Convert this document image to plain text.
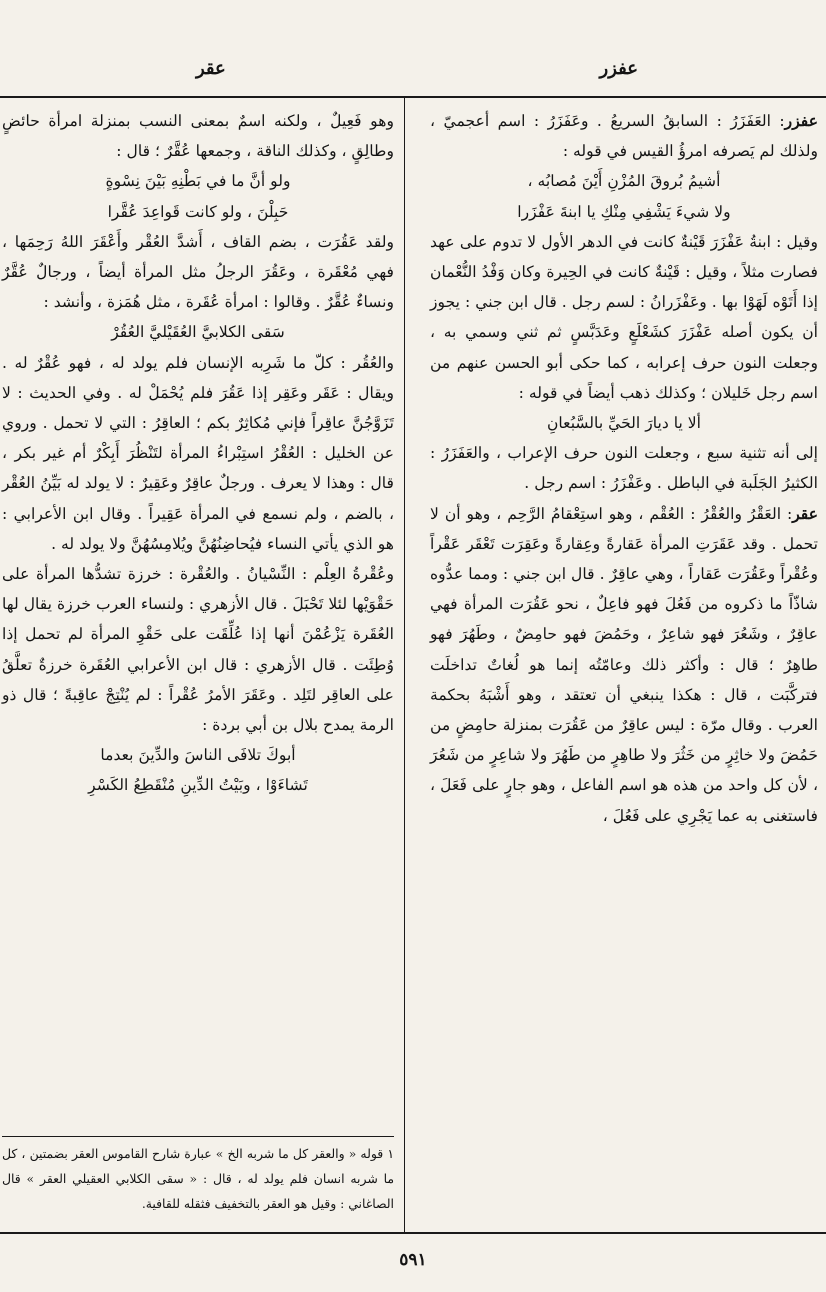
عفزر
عقر

عفزر: العَفَزَرُ : السابقُ السريعُ . وعَفَزَرُ : اسم أعجميّ ، ولذلك لم يَصرفه امرؤُ القيس في قوله :

أشيمُ بُروقَ المُزْنِ أَيْنَ مُصابُه ،

ولا شيءَ يَشْفِي مِنْكِ يا ابنةَ عَفْزَرا

وقيل : ابنةُ عَفْزَرَ قَيْنةٌ كانت في الدهر الأول لا تدوم على عهد فصارت مثلاً ، وقيل : قَيْنةٌ كانت في الحِيرة وكان وَفْدُ النُّعْمان إذا أَتَوْه لَهَوْا بها . وعَفْزَرانُ : لسم رجل . قال ابن جني : يجوز أن يكون أصله عَفْزَرَ كشَعْلَعٍ وعَدَبَّسٍ ثم ثني وسمي به ، وجعلت النون حرف إعرابه ، كما حكى أبو الحسن عنهم من اسم رجل خَليلان ؛ وكذلك ذهب أيضاً في قوله :

ألا يا ديارَ الحَيِّ بالسَّبُعانِ

إلى أنه تثنية سبع ، وجعلت النون حرف الإعراب ، والعَفَزَرُ : الكثيرُ الجَلَبة في الباطل . وعَفْزَرُ : اسم رجل .

عقر: العَقْرُ والعُقْرُ : العُقْم ، وهو استِعْقامُ الرَّحِم ، وهو أن لا تحمل . وقد عَقَرَتِ المرأة عَقارةً وعِقارةً وعَقِرَت تَعْقَر عَقْراً وعُقْراً وعَقُرَت عَقاراً ، وهي عاقِرٌ . قال ابن جني : ومما عدُّوه شاذّاً ما ذكروه من فَعُلَ فهو فاعِلٌ ، نحو عَقُرَت المرأة فهي عاقِرٌ ، وشَعُرَ فهو شاعِرٌ ، وحَمُضَ فهو حامِضٌ ، وطَهُرَ فهو طاهِرٌ ؛ قال : وأكثر ذلك وعامّتُه إنما هو لُغاتٌ تداخلَت فتركَّبَت ، قال : هكذا ينبغي أن تعتقد ، وهو أَشْبَهُ بحكمة العرب . وقال مرّة : ليس عاقِرٌ من عَقُرَت بمنزلة حامِضٍ من حَمُضَ ولا خاثِرٍ من خَثُرَ ولا طاهِرٍ من طَهُرَ ولا شاعِرٍ من شَعُرَ ، لأن كل واحد من هذه هو اسم الفاعل ، وهو جارٍ على فَعَلَ ، فاستغنى به عما يَجْرِي على فَعُلَ ،

وهو فَعِيلٌ ، ولكنه اسمٌ بمعنى النسب بمنزلة امرأة حائضٍ وطالِقٍ ، وكذلك الناقة ، وجمعها عُقَّرٌ ؛ قال :

ولو أنَّ ما في بَطْنِهِ بَيْنَ نِسْوةٍ

حَبِلْنَ ، ولو كانت قَواعِدَ عُقَّرا

ولقد عَقُرَت ، بضم القاف ، أَشدَّ العُقْر وأَعْقَرَ اللهُ رَحِمَها ، فهي مُعْقَرة ، وعَقُرَ الرجلُ مثل المرأة أيضاً ، ورجالٌ عُقَّرٌ ونساءٌ عُقَّرٌ . وقالوا : امرأة عُقَرة ، مثل هُمَزة ، وأنشد :

سَقى الكلابيَّ العُقَيْليَّ العُقُرْ

والعُقُر : كلّ ما شَرِبه الإنسان فلم يولد له ، فهو عُقْرٌ له . ويقال : عَقَر وعَقِر إذا عَقُرَ فلم يُحْمَلْ له . وفي الحديث : لا تَزَوَّجُنَّ عاقِراً فإني مُكاثِرٌ بكم ؛ العاقِرُ : التي لا تحمل . وروي عن الخليل : العُقْرُ استِبْراءُ المرأة لتَنْظُرَ أَبِكْرٌ أم غير بكر ، قال : وهذا لا يعرف . ورجلٌ عاقِرٌ وعَقِيرٌ : لا يولد له بَيِّنُ العُقْر ، بالضم ، ولم نسمع في المرأة عَقِيراً . وقال ابن الأعرابي : هو الذي يأتي النساء فيُحاضِنُهُنَّ ويُلامِسُهُنَّ ولا يولد له .

وعُقْرةُ العِلْم : النِّسْيانُ . والعُقْرة : خرزة تشدُّها المرأة على حَقْوَيْها لئلا تَحْبَلَ . قال الأزهري : ولنساء العرب خرزة يقال لها العُقَرة يَزْعُمْنَ أنها إذا عُلِّقَت على حَقْوِ المرأة لم تحمل إذا وُطِئَت . قال الأزهري : قال ابن الأعرابي العُقَرة خرزةٌ تعلَّقُ على العاقِر لتَلِد . وعَقَرَ الأمرُ عُقْراً : لم يُنْتِجْ عاقِبةً ؛ قال ذو الرمة يمدح بلال بن أبي بردة :

أبوكَ تلافَى الناسَ والدِّينَ بعدما

تَشاءَوْا ، وبَيْتُ الدِّينِ مُنْقَطِعُ الكَسْرِ

١ قوله « والعقر كل ما شربه الخ » عبارة شارح القاموس العقر بضمتين ، كل ما شربه انسان فلم يولد له ، قال : « سقى الكلابي العقيلي العقر » قال الصاغاني : وقيل هو العقر بالتخفيف فثقله للقافية.

٥٩١
